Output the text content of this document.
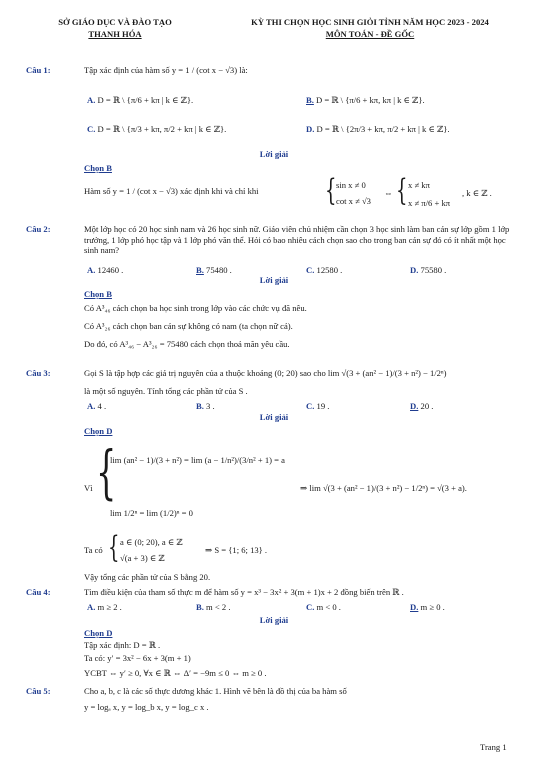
SỞ GIÁO DỤC VÀ ĐÀO TẠO
THANH HÓA
KỲ THI CHỌN HỌC SINH GIỎI TỈNH NĂM HỌC 2023 - 2024
MÔN TOÁN - ĐỀ GỐC
Câu 1:	Tập xác định của hàm số y = 1 / (cot x − √3) là:
A. D = ℝ \ {π/6 + kπ | k ∈ ℤ}.	B. D = ℝ \ {π/6 + kπ, kπ | k ∈ ℤ}.
C. D = ℝ \ {π/3 + kπ, π/2 + kπ | k ∈ ℤ}.	D. D = ℝ \ {2π/3 + kπ, π/2 + kπ | k ∈ ℤ}.
Lời giải
Chọn B
Hàm số y = 1 / (cot x − √3) xác định khi và chỉ khi { sin x ≠ 0
cot x ≠ √3
⇔ { x ≠ kπ
x ≠ π/6 + kπ
, k ∈ ℤ .
Câu 2:	Một lớp học có 20 học sinh nam và 26 học sinh nữ. Giáo viên chủ nhiệm cần chọn 3 học sinh làm ban cán sự lớp gồm 1 lớp trưởng, 1 lớp phó học tập và 1 lớp phó văn thể. Hỏi có bao nhiêu cách chọn sao cho trong ban cán sự đó có ít nhất một học sinh nam?
A. 12460 .	B. 75480 .	C. 12580 .	D. 75580 .
Lời giải
Chọn B
Có A³₄₆ cách chọn ba học sinh trong lớp vào các chức vụ đã nêu.
Có A³₂₆ cách chọn ban cán sự không có nam (ta chọn nữ cả).
Do đó, có A³₄₆ − A³₂₆ = 75480 cách chọn thoả mãn yêu cầu.
Câu 3:	Gọi S là tập hợp các giá trị nguyên của a thuộc khoảng (0; 20) sao cho lim √(3 + (an² − 1)/(3 + n²) − 1/2ⁿ)
là một số nguyên. Tính tổng các phần tử của S .
A. 4 .	B. 3 .	C. 19 .	D. 20 .
Lời giải
Chọn D
Vì {
lim (an² − 1)/(3 + n²) = lim (a − 1/n²)/(3/n² + 1) = a
lim 1/2ⁿ = lim (1/2)ⁿ = 0
⇒ lim √(3 + (an² − 1)/(3 + n²) − 1/2ⁿ) = √(3 + a).
Ta có { a ∈ (0; 20), a ∈ ℤ
√(a + 3) ∈ ℤ
⇒ S = {1; 6; 13} .
Vậy tổng các phần tử của S bằng 20.
Câu 4:	Tìm điều kiện của tham số thực m để hàm số y = x³ − 3x² + 3(m + 1)x + 2 đồng biến trên ℝ .
A. m ≥ 2 .	B. m < 2 .	C. m < 0 .	D. m ≥ 0 .
Lời giải
Chọn D
Tập xác định: D = ℝ .
Ta có: y′ = 3x² − 6x + 3(m + 1)
YCBT ⇔ y′ ≥ 0, ∀x ∈ ℝ ⇔ Δ′ = −9m ≤ 0 ⇔ m ≥ 0 .
Câu 5:	Cho a, b, c là các số thực dương khác 1. Hình vẽ bên là đồ thị của ba hàm số
y = logₐ x, y = log_b x, y = log_c x .
Trang 1
